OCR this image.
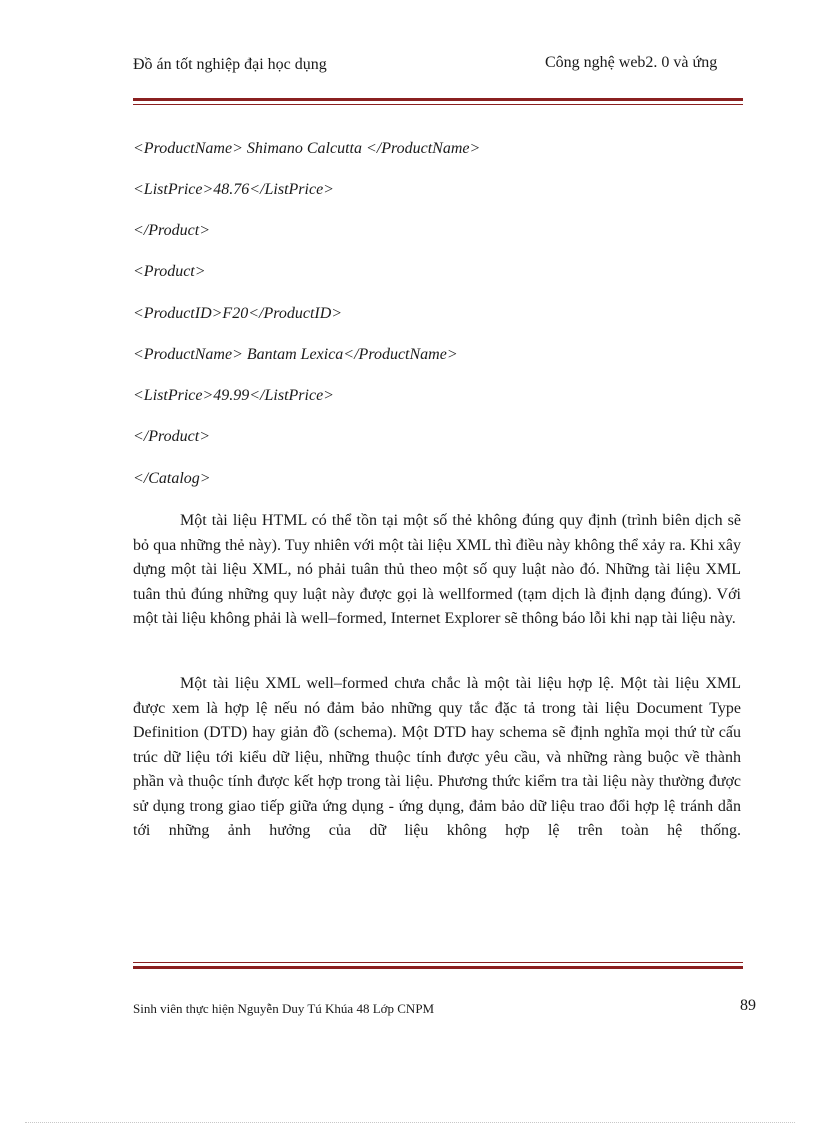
Đồ án tốt nghiệp đại học dụng	Công nghệ web2. 0 và ứng
<ProductName> Shimano Calcutta </ProductName>
<ListPrice>48.76</ListPrice>
</Product>
<Product>
<ProductID>F20</ProductID>
<ProductName> Bantam Lexica</ProductName>
<ListPrice>49.99</ListPrice>
</Product>
</Catalog>
Một tài liệu HTML có thể tồn tại một số thẻ không đúng quy định (trình biên dịch sẽ bỏ qua những thẻ này). Tuy nhiên với một tài liệu XML thì điều này không thể xảy ra. Khi xây dựng một tài liệu XML, nó phải tuân thủ theo một số quy luật nào đó. Những tài liệu XML tuân thủ đúng những quy luật này được gọi là wellformed (tạm dịch là định dạng đúng). Với một tài liệu không phải là well–formed, Internet Explorer sẽ thông báo lỗi khi nạp tài liệu này.
Một tài liệu XML well–formed chưa chắc là một tài liệu hợp lệ. Một tài liệu XML được xem là hợp lệ nếu nó đảm bảo những quy tắc đặc tả trong tài liệu Document Type Definition (DTD) hay giản đồ (schema). Một DTD hay schema sẽ định nghĩa mọi thứ từ cấu trúc dữ liệu tới kiểu dữ liệu, những thuộc tính được yêu cầu, và những ràng buộc về thành phần và thuộc tính được kết hợp trong tài liệu. Phương thức kiểm tra tài liệu này thường được sử dụng trong giao tiếp giữa ứng dụng - ứng dụng, đảm bảo dữ liệu trao đổi hợp lệ tránh dẫn tới những ảnh hưởng của dữ liệu không hợp lệ trên toàn hệ thống.
Sinh viên thực hiện Nguyễn Duy Tú Khúa 48 Lớp CNPM	89
